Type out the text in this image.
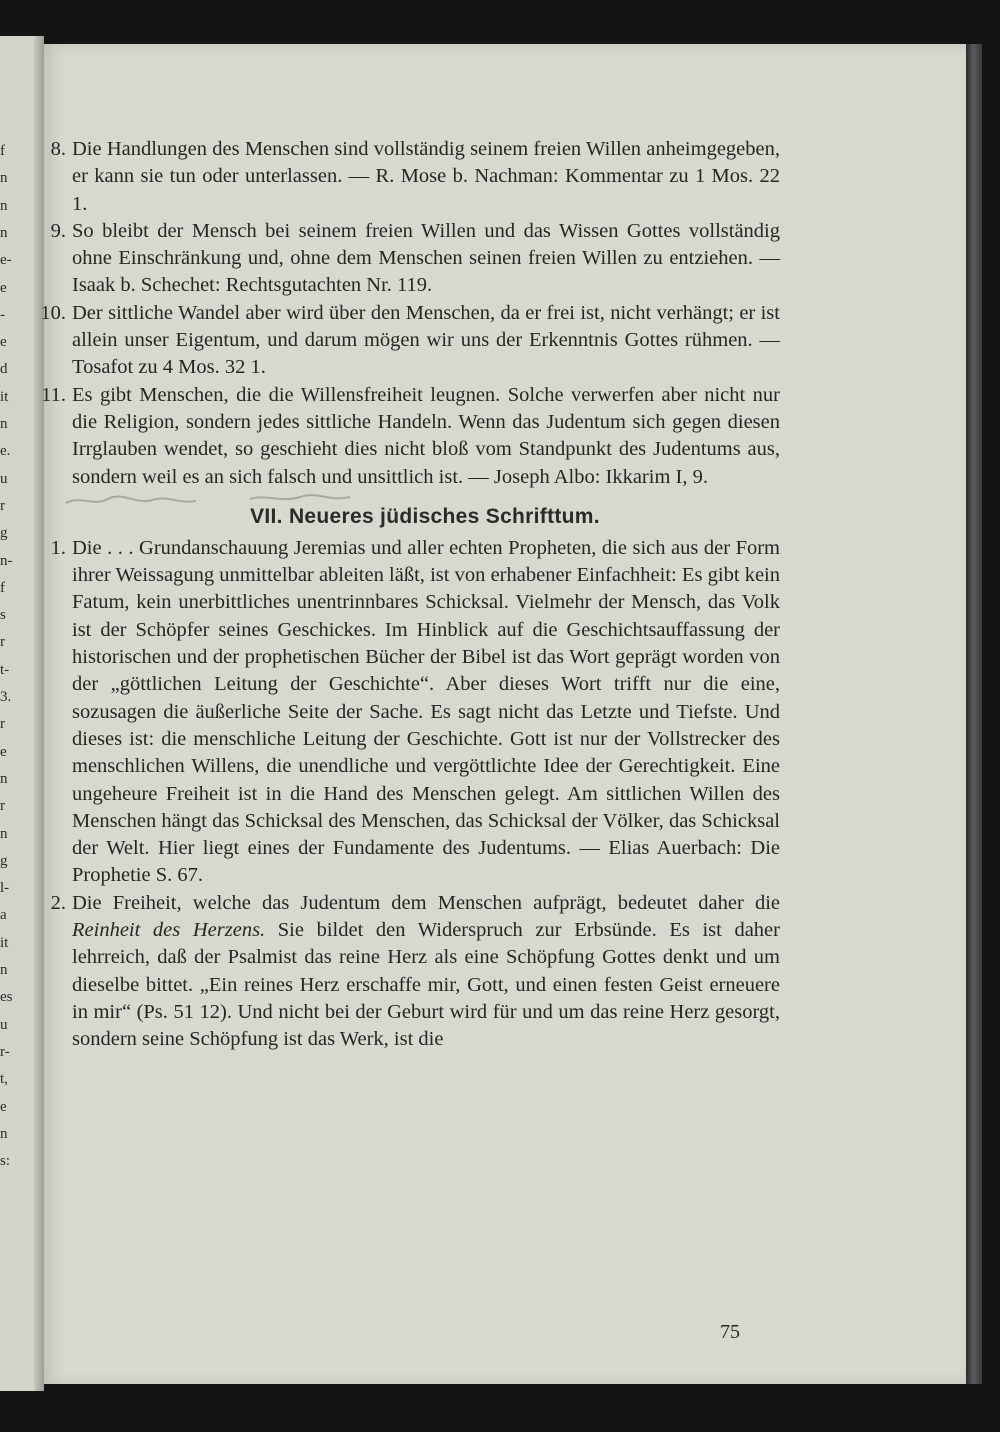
f
n
n
n
e-
e
-
e
d
it
n
e.
u
r
g
n-
f
s
r
t-
3.
r
e
n
r
n
g
l-
a
it
n
es
u
r-
t,
e
n
s:
8. Die Handlungen des Menschen sind vollständig seinem freien Willen anheimgegeben, er kann sie tun oder unterlassen. — R. Mose b. Nachman: Kommentar zu 1 Mos. 22 1.

9. So bleibt der Mensch bei seinem freien Willen und das Wissen Gottes vollständig ohne Einschränkung und, ohne dem Menschen seinen freien Willen zu entziehen. — Isaak b. Schechet: Rechtsgutachten Nr. 119.

10. Der sittliche Wandel aber wird über den Menschen, da er frei ist, nicht verhängt; er ist allein unser Eigentum, und darum mögen wir uns der Erkenntnis Gottes rühmen. — Tosafot zu 4 Mos. 32 1.

11. Es gibt Menschen, die die Willensfreiheit leugnen. Solche verwerfen aber nicht nur die Religion, sondern jedes sittliche Handeln. Wenn das Judentum sich gegen diesen Irrglauben wendet, so geschieht dies nicht bloß vom Standpunkt des Judentums aus, sondern weil es an sich falsch und unsittlich ist. — Joseph Albo: Ikkarim I, 9.

VII. Neueres jüdisches Schrifttum.
1. Die . . . Grundanschauung Jeremias und aller echten Propheten, die sich aus der Form ihrer Weissagung unmittelbar ableiten läßt, ist von erhabener Einfachheit: Es gibt kein Fatum, kein unerbittliches unentrinnbares Schicksal. Vielmehr der Mensch, das Volk ist der Schöpfer seines Geschickes. Im Hinblick auf die Geschichtsauffassung der historischen und der prophetischen Bücher der Bibel ist das Wort geprägt worden von der „göttlichen Leitung der Geschichte“. Aber dieses Wort trifft nur die eine, sozusagen die äußerliche Seite der Sache. Es sagt nicht das Letzte und Tiefste. Und dieses ist: die menschliche Leitung der Geschichte. Gott ist nur der Vollstrecker des menschlichen Willens, die unendliche und vergöttlichte Idee der Gerechtigkeit. Eine ungeheure Freiheit ist in die Hand des Menschen gelegt. Am sittlichen Willen des Menschen hängt das Schicksal des Menschen, das Schicksal der Völker, das Schicksal der Welt. Hier liegt eines der Fundamente des Judentums. — Elias Auerbach: Die Prophetie S. 67.

2. Die Freiheit, welche das Judentum dem Menschen aufprägt, bedeutet daher die Reinheit des Herzens. Sie bildet den Widerspruch zur Erbsünde. Es ist daher lehrreich, daß der Psalmist das reine Herz als eine Schöpfung Gottes denkt und um dieselbe bittet. „Ein reines Herz erschaffe mir, Gott, und einen festen Geist erneuere in mir“ (Ps. 51 12). Und nicht bei der Geburt wird für und um das reine Herz gesorgt, sondern seine Schöpfung ist das Werk, ist die

75
